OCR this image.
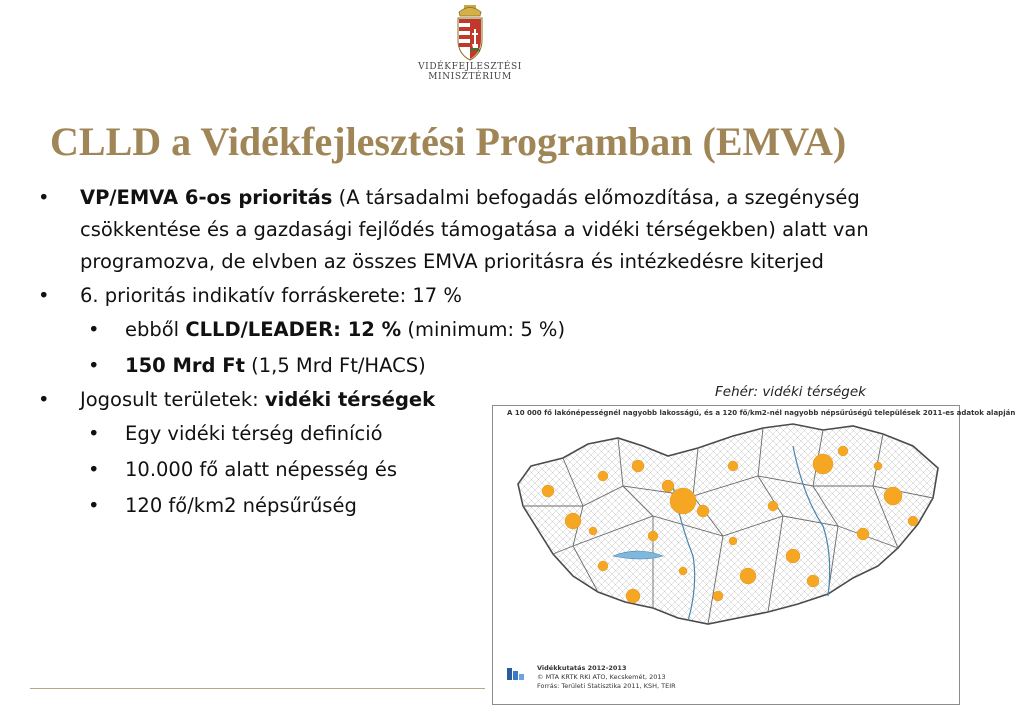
VIDÉKFEJLESZTÉSI
MINISZTÉRIUM
CLLD a Vidékfejlesztési Programban (EMVA)
• VP/EMVA 6-os prioritás (A társadalmi befogadás előmozdítása, a szegénység csökkentése és a gazdasági fejlődés támogatása a vidéki térségekben) alatt van programozva, de elvben az összes EMVA prioritásra és intézkedésre kiterjed
• 6. prioritás indikatív forráskerete: 17 %
• ebből CLLD/LEADER: 12 % (minimum: 5 %)
• 150 Mrd Ft (1,5 Mrd Ft/HACS)
• Jogosult területek: vidéki térségek
• Egy vidéki térség definíció
• 10.000 fő alatt népesség és
• 120 fő/km2 népsűrűség
Fehér: vidéki térségek
A 10 000 fő lakónépességnél nagyobb lakosságú, és a 120 fő/km2-nél nagyobb népsűrűségű települések 2011-es adatok alapján
Vidékkutatás 2012-2013
© MTA KRTK RKI ATO, Kecskemét, 2013
Forrás: Területi Statisztika 2011, KSH, TEIR
